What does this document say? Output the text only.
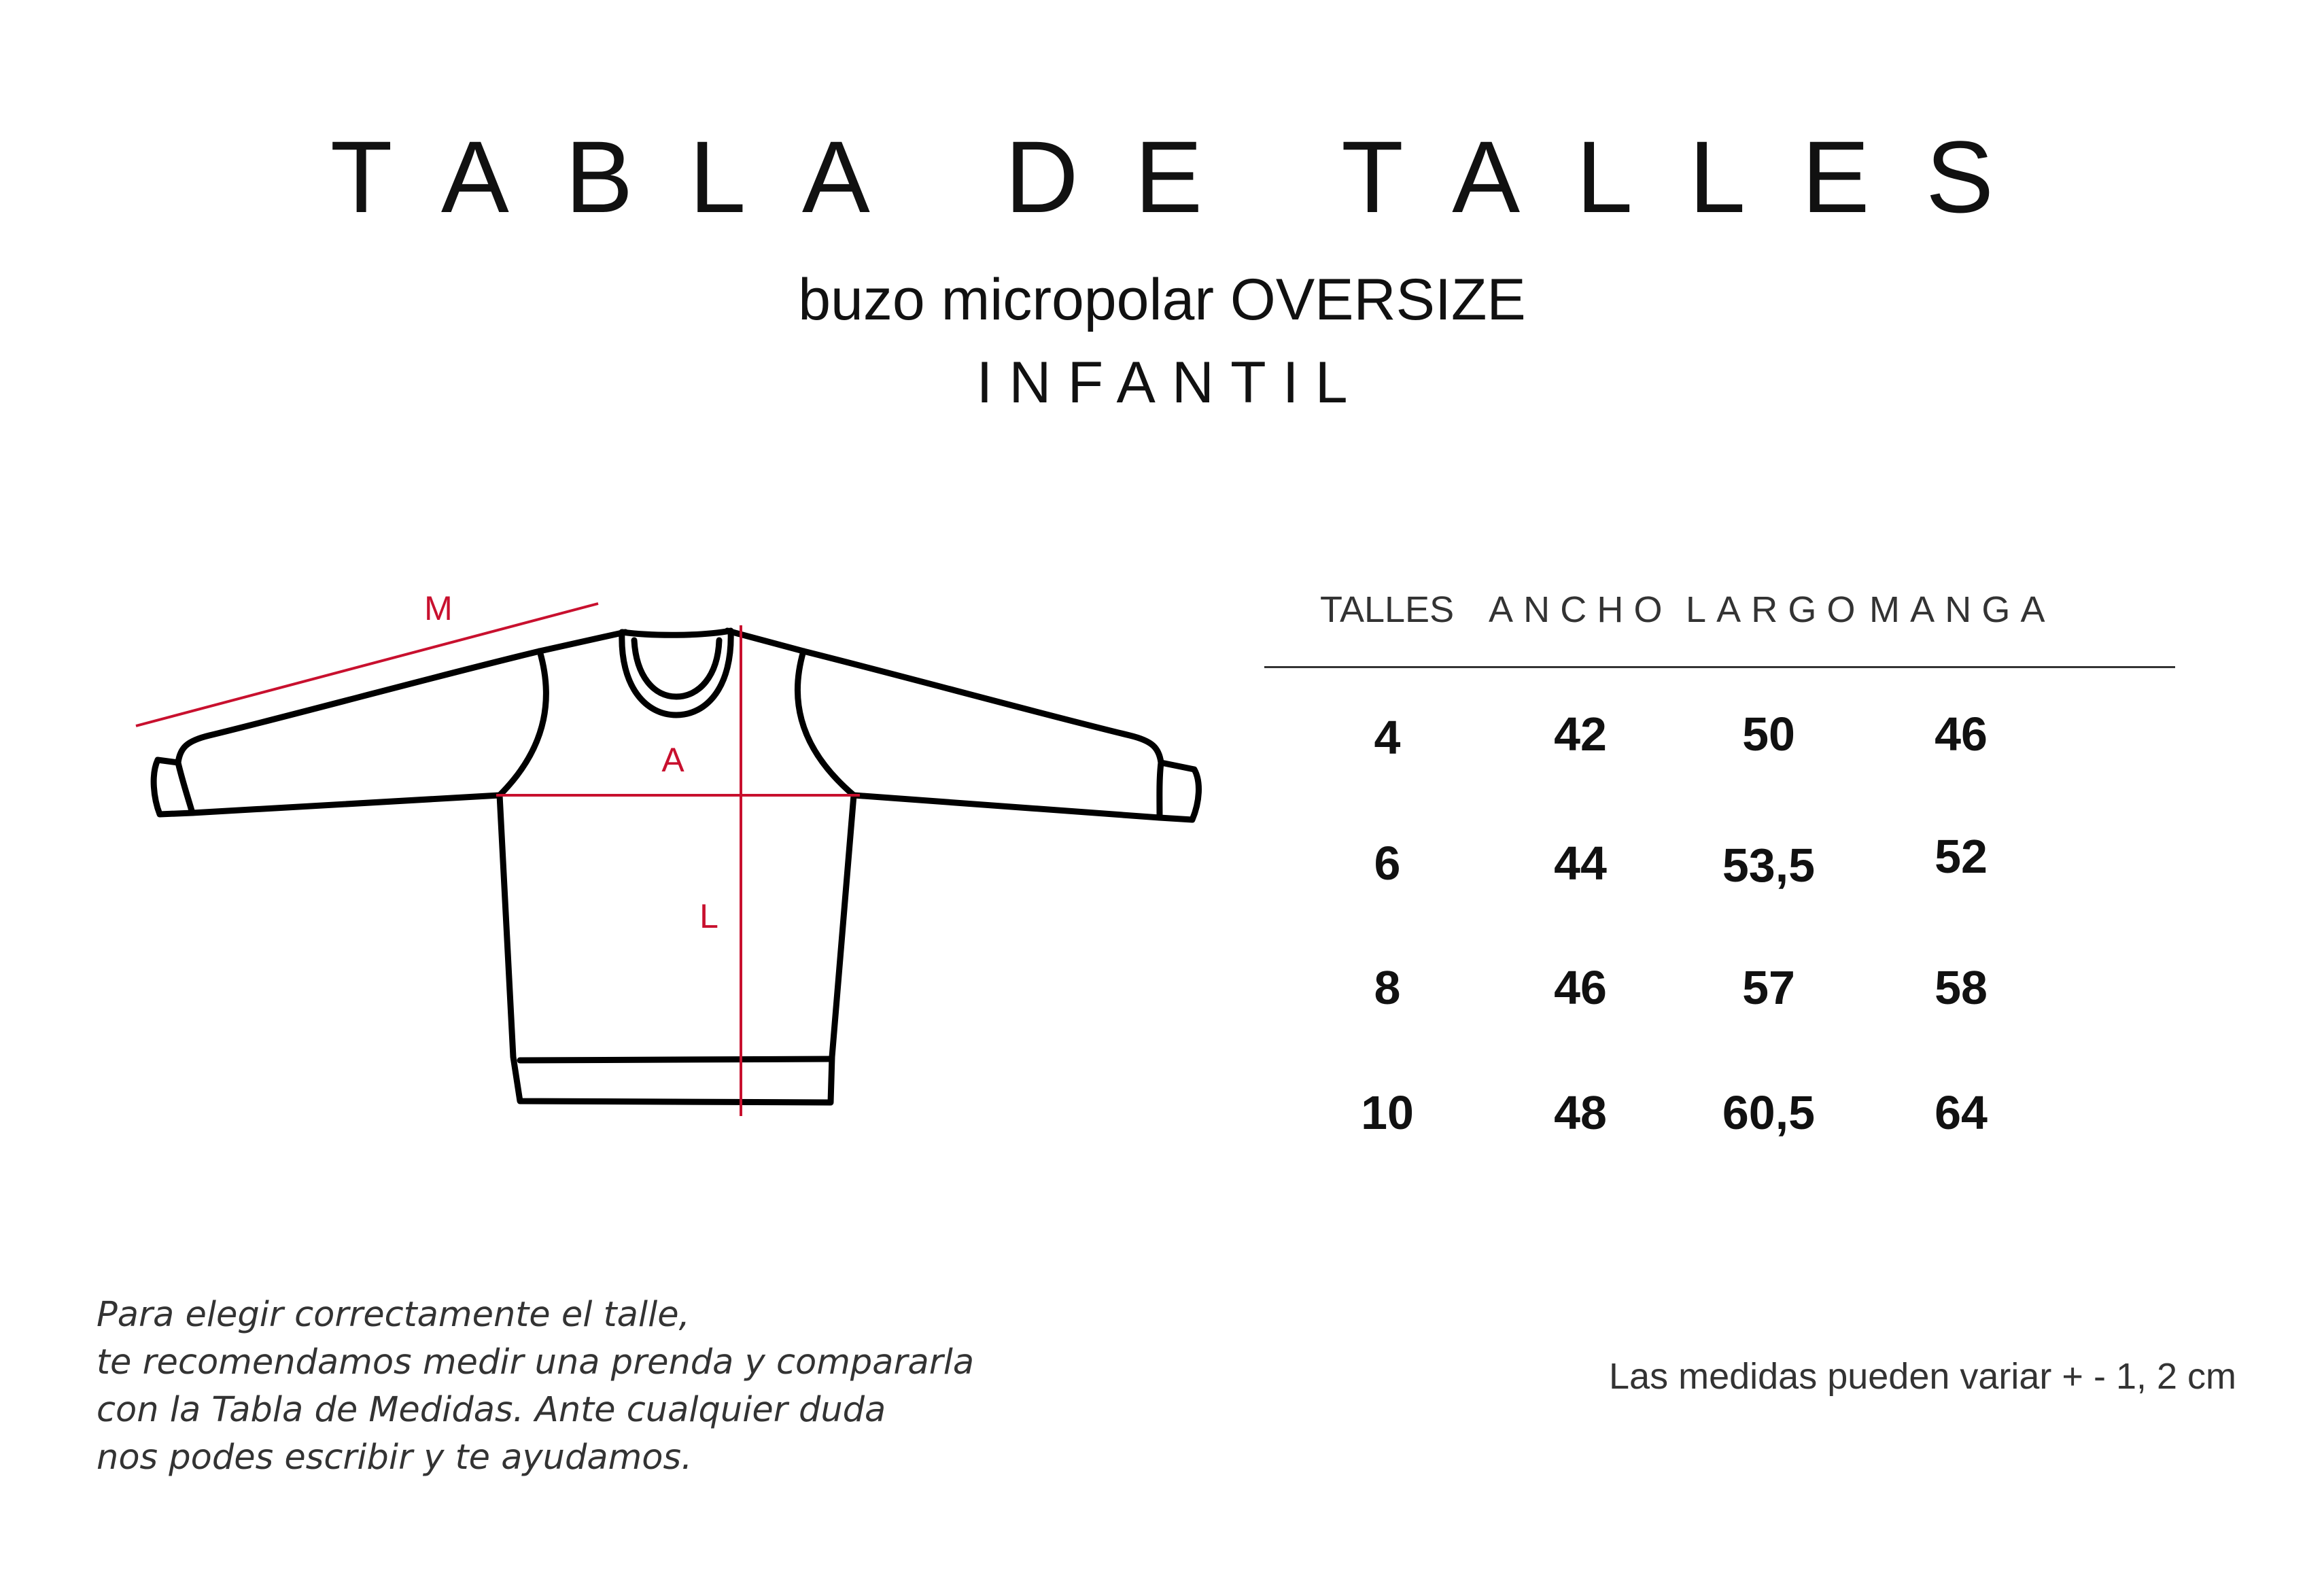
TABLA DE TALLES
buzo micropolar OVERSIZE
INFANTIL
M
A
L
TALLES ANCHO LARGO MANGA
4	42	50	46
6	44 53,5	52
8	46	57	58
10	48 60,5	64
Para elegir correctamente el talle,
te recomendamos medir una prenda y compararla
con la Tabla de Medidas. Ante cualquier duda
nos podes escribir y te ayudamos.
Las medidas pueden variar + - 1, 2 cm
